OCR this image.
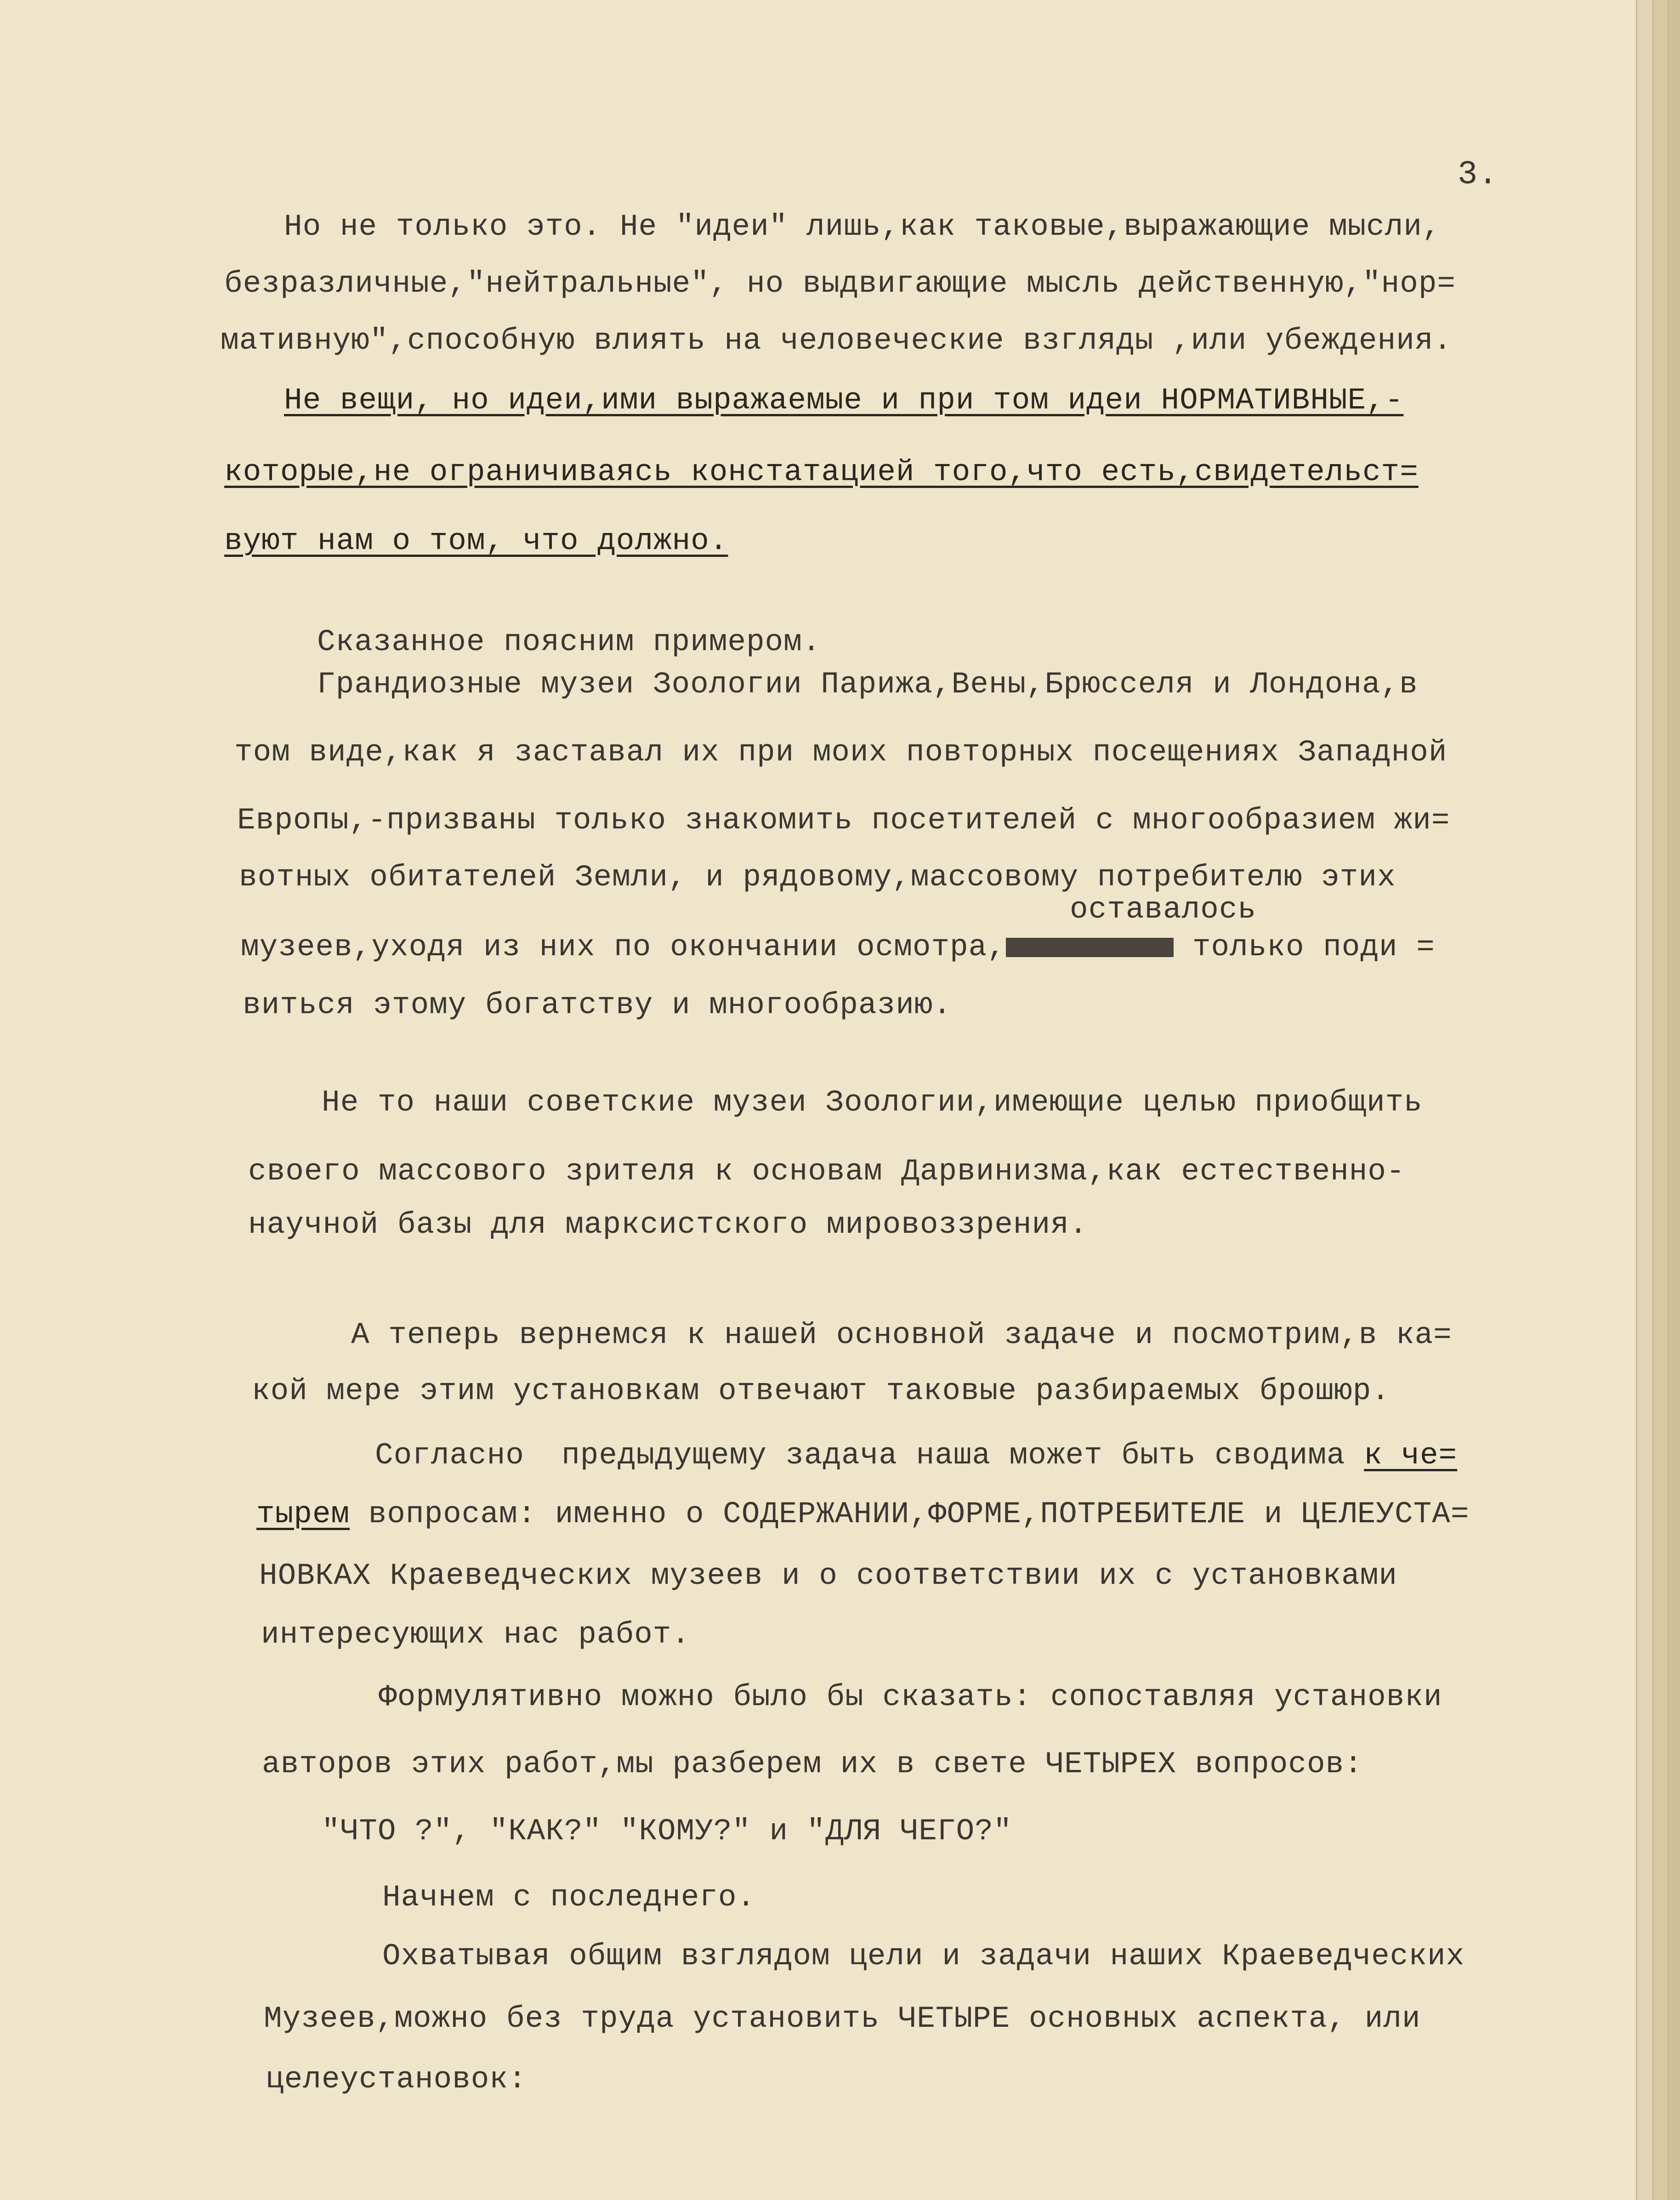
3.

Но не только это. Не "идеи" лишь,как таковые,выражающие мысли,

безразличные,"нейтральные", но выдвигающие мысль действенную,"нор=

мативную",способную влиять на человеческие взгляды ,или убеждения.

Не вещи, но идеи,ими выражаемые и при том идеи НОРМАТИВНЫЕ,-

которые,не ограничиваясь констатацией того,что есть,свидетельст=

вуют нам о том, что должно.

Сказанное поясним примером.

Грандиозные музеи Зоологии Парижа,Вены,Брюсселя и Лондона,в

том виде,как я заставал их при моих повторных посещениях Западной

Европы,-призваны только знакомить посетителей с многообразием жи=

вотных обитателей Земли, и рядовому,массовому потребителю этих

оставалось

музеев,уходя из них по окончании осмотра,	только поди =

виться этому богатству и многообразию.

Не то наши советские музеи Зоологии,имеющие целью приобщить

своего массового зрителя к основам Дарвинизма,как естественно-

научной базы для марксистского мировоззрения.

А теперь вернемся к нашей основной задаче и посмотрим,в ка=

кой мере этим установкам отвечают таковые разбираемых брошюр.

Согласно  предыдущему задача наша может быть сводима к че=

тырем вопросам: именно о СОДЕРЖАНИИ,ФОРМЕ,ПОТРЕБИТЕЛЕ и ЦЕЛЕУСТА=

НОВКАХ Краеведческих музеев и о соответствии их с установками

интересующих нас работ.

Формулятивно можно было бы сказать: сопоставляя установки

авторов этих работ,мы разберем их в свете ЧЕТЫРЕХ вопросов:

"ЧТО ?", "КАК?" "КОМУ?" и "ДЛЯ ЧЕГО?"

Начнем с последнего.

Охватывая общим взглядом цели и задачи наших Краеведческих

Музеев,можно без труда установить ЧЕТЫРЕ основных аспекта, или

целеустановок:
